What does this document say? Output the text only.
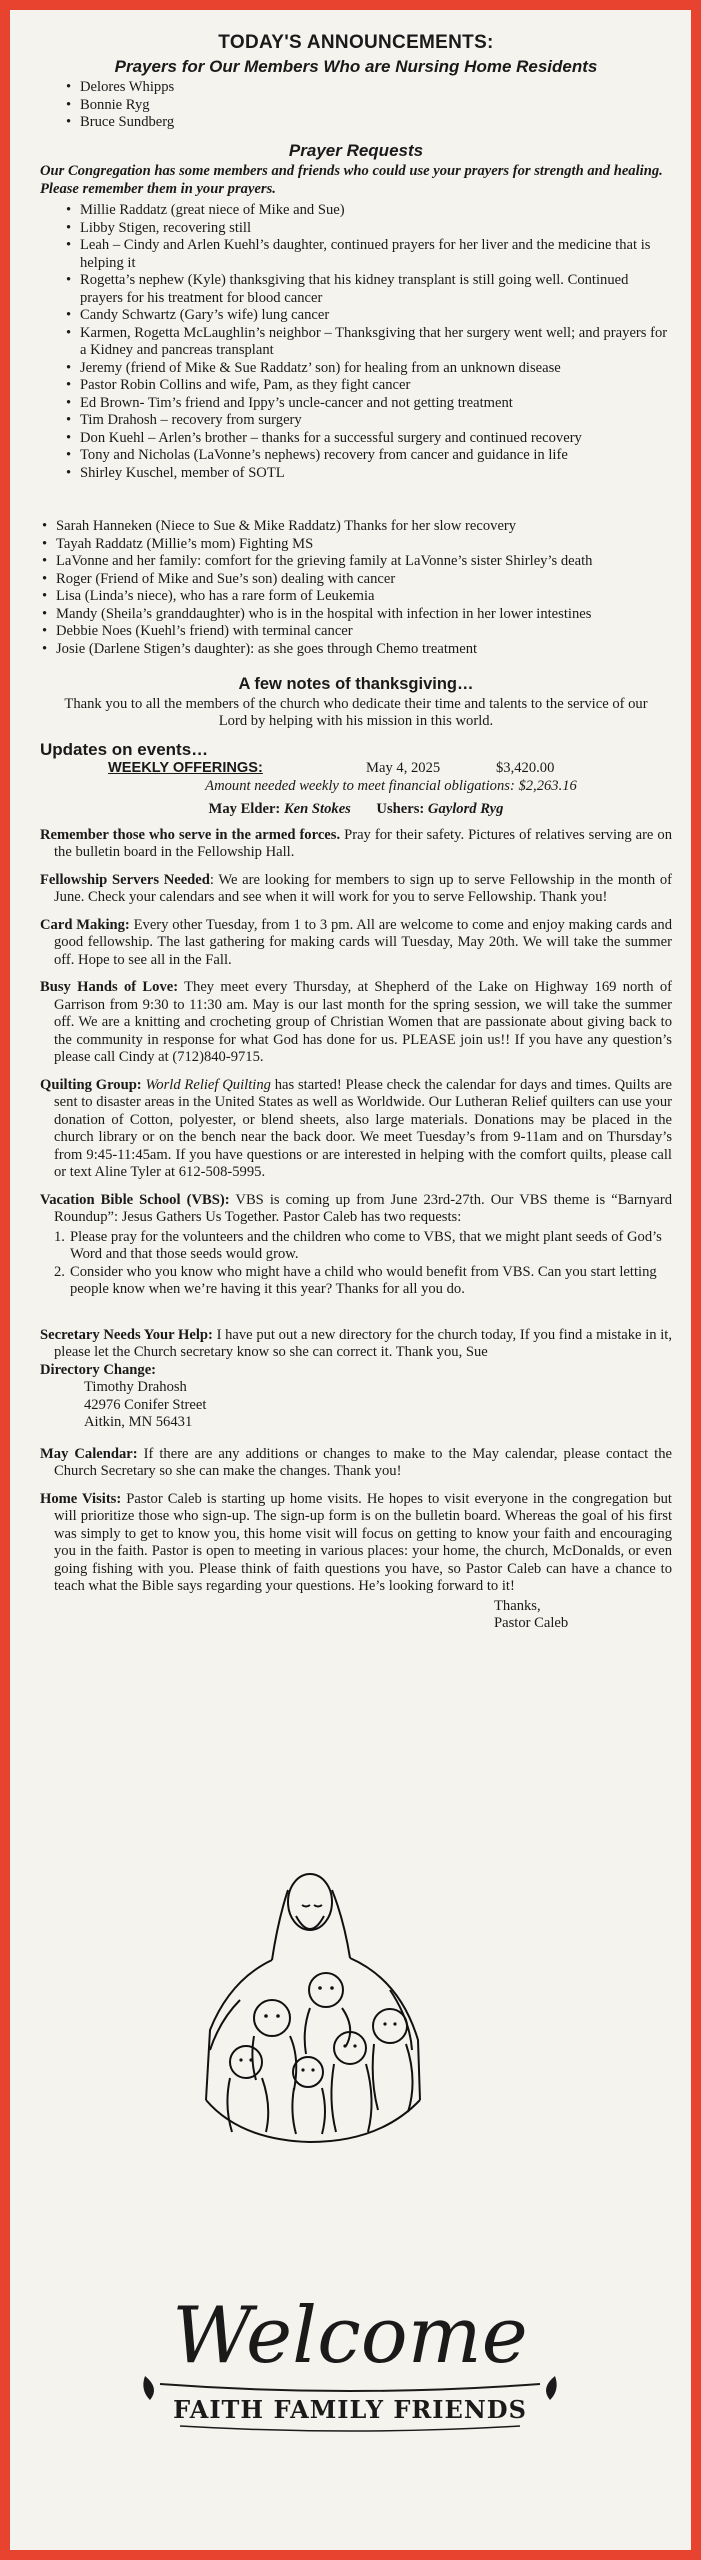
TODAY'S ANNOUNCEMENTS:
Prayers for Our Members Who are Nursing Home Residents
• Delores Whipps
• Bonnie Ryg
• Bruce Sundberg
Prayer Requests
Our Congregation has some members and friends who could use your prayers for strength and healing. Please remember them in your prayers.
• Millie Raddatz (great niece of Mike and Sue)
• Libby Stigen, recovering still
• Leah – Cindy and Arlen Kuehl’s daughter, continued prayers for her liver and the medicine that is helping it
• Rogetta’s nephew (Kyle) thanksgiving that his kidney transplant is still going well. Continued prayers for his treatment for blood cancer
• Candy Schwartz (Gary’s wife) lung cancer
• Karmen, Rogetta McLaughlin’s neighbor – Thanksgiving that her surgery went well; and prayers for a Kidney and pancreas transplant
• Jeremy (friend of Mike & Sue Raddatz’ son) for healing from an unknown disease
• Pastor Robin Collins and wife, Pam, as they fight cancer
• Ed Brown- Tim’s friend and Ippy’s uncle-cancer and not getting treatment
• Tim Drahosh – recovery from surgery
• Don Kuehl – Arlen’s brother – thanks for a successful surgery and continued recovery
• Tony and Nicholas (LaVonne’s nephews) recovery from cancer and guidance in life
• Shirley Kuschel, member of SOTL
• Sarah Hanneken (Niece to Sue & Mike Raddatz) Thanks for her slow recovery
• Tayah Raddatz (Millie’s mom) Fighting MS
• LaVonne and her family: comfort for the grieving family at LaVonne’s sister Shirley’s death
• Roger (Friend of Mike and Sue’s son) dealing with cancer
• Lisa (Linda’s niece), who has a rare form of Leukemia
• Mandy (Sheila’s granddaughter) who is in the hospital with infection in her lower intestines
• Debbie Noes (Kuehl’s friend) with terminal cancer
• Josie (Darlene Stigen’s daughter): as she goes through Chemo treatment
A few notes of thanksgiving…
Thank you to all the members of the church who dedicate their time and talents to the service of our Lord by helping with his mission in this world.
Updates on events…
WEEKLY OFFERINGS:	May 4, 2025	$3,420.00
Amount needed weekly to meet financial obligations: $2,263.16
May Elder: Ken Stokes Ushers: Gaylord Ryg
Remember those who serve in the armed forces. Pray for their safety. Pictures of relatives serving are on the bulletin board in the Fellowship Hall.
Fellowship Servers Needed: We are looking for members to sign up to serve Fellowship in the month of June. Check your calendars and see when it will work for you to serve Fellowship. Thank you!
Card Making: Every other Tuesday, from 1 to 3 pm. All are welcome to come and enjoy making cards and good fellowship. The last gathering for making cards will Tuesday, May 20th. We will take the summer off. Hope to see all in the Fall.
Busy Hands of Love: They meet every Thursday, at Shepherd of the Lake on Highway 169 north of Garrison from 9:30 to 11:30 am. May is our last month for the spring session, we will take the summer off. We are a knitting and crocheting group of Christian Women that are passionate about giving back to the community in response for what God has done for us. PLEASE join us!! If you have any question’s please call Cindy at (712)840-9715.
Quilting Group: World Relief Quilting has started! Please check the calendar for days and times. Quilts are sent to disaster areas in the United States as well as Worldwide. Our Lutheran Relief quilters can use your donation of Cotton, polyester, or blend sheets, also large materials. Donations may be placed in the church library or on the bench near the back door. We meet Tuesday’s from 9-11am and on Thursday’s from 9:45-11:45am. If you have questions or are interested in helping with the comfort quilts, please call or text Aline Tyler at 612-508-5995.
Vacation Bible School (VBS): VBS is coming up from June 23rd-27th. Our VBS theme is “Barnyard Roundup”: Jesus Gathers Us Together. Pastor Caleb has two requests:
1. Please pray for the volunteers and the children who come to VBS, that we might plant seeds of God’s Word and that those seeds would grow.
2. Consider who you know who might have a child who would benefit from VBS. Can you start letting people know when we’re having it this year? Thanks for all you do.
Secretary Needs Your Help: I have put out a new directory for the church today, If you find a mistake in it, please let the Church secretary know so she can correct it. Thank you, Sue
Directory Change:
Timothy Drahosh
42976 Conifer Street
Aitkin, MN 56431
May Calendar: If there are any additions or changes to make to the May calendar, please contact the Church Secretary so she can make the changes. Thank you!
Home Visits: Pastor Caleb is starting up home visits. He hopes to visit everyone in the congregation but will prioritize those who sign-up. The sign-up form is on the bulletin board. Whereas the goal of his first was simply to get to know you, this home visit will focus on getting to know your faith and encouraging you in the faith. Pastor is open to meeting in various places: your home, the church, McDonalds, or even going fishing with you. Please think of faith questions you have, so Pastor Caleb can have a chance to teach what the Bible says regarding your questions. He’s looking forward to it!
Thanks,
Pastor Caleb
Welcome
FAITH FAMILY FRIENDS
